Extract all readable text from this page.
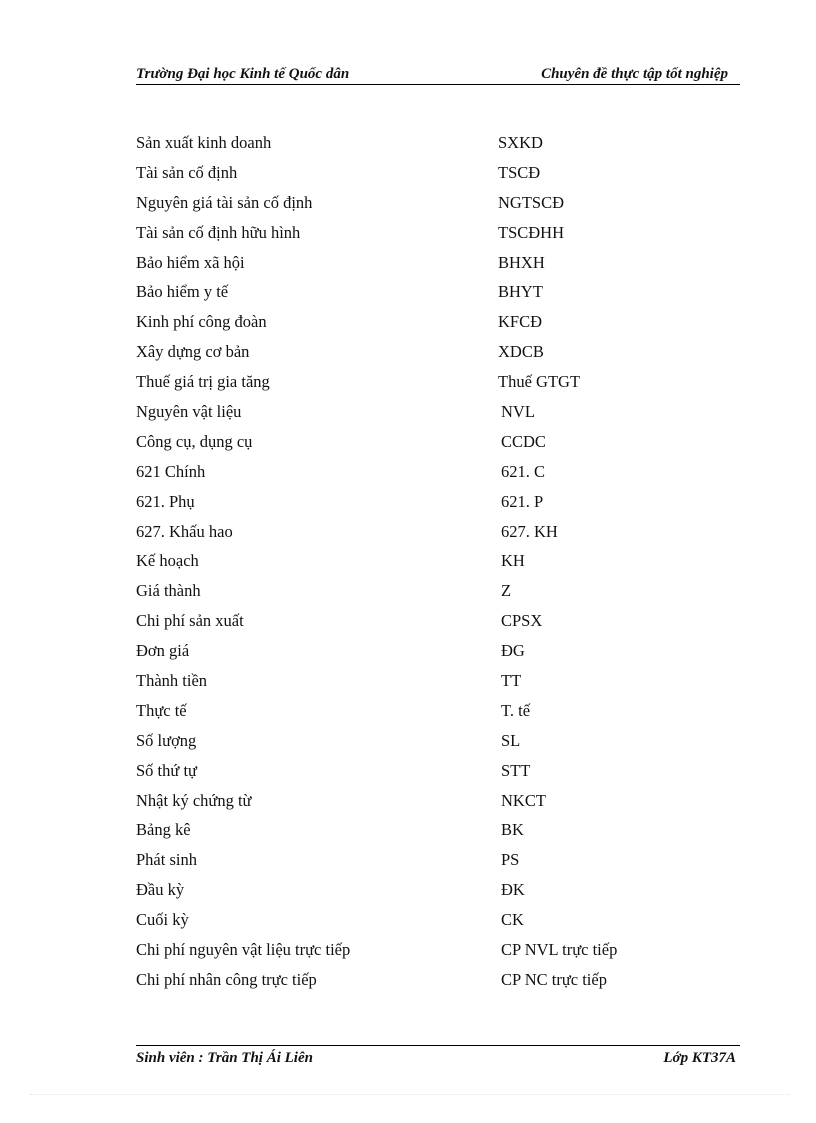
Trường Đại học Kinh tế Quốc dân	Chuyên đề thực tập tốt nghiệp
Sản xuất kinh doanh	SXKD
Tài sản cố định	TSCĐ
Nguyên giá tài sản cố định	NGTSCĐ
Tài sản cố định hữu hình	TSCĐHH
Bảo hiểm xã hội	BHXH
Bảo hiểm y tế	BHYT
Kinh phí công đoàn	KFCĐ
Xây dựng cơ bản	XDCB
Thuế giá trị gia tăng	Thuế GTGT
Nguyên vật liệu	NVL
Công cụ, dụng cụ	CCDC
621 Chính	621. C
621. Phụ	621. P
627. Khấu hao	627. KH
Kế hoạch	KH
Giá thành	Z
Chi phí sản xuất	CPSX
Đơn giá	ĐG
Thành tiền	TT
Thực tế	T. tế
Số lượng	SL
Số thứ tự	STT
Nhật ký chứng từ	NKCT
Bảng kê	BK
Phát sinh	PS
Đầu kỳ	ĐK
Cuối kỳ	CK
Chi phí nguyên vật liệu trực tiếp	CP NVL trực tiếp
Chi phí nhân công trực tiếp	CP NC trực tiếp
Sinh viên : Trần Thị Ái Liên	Lớp KT37A
